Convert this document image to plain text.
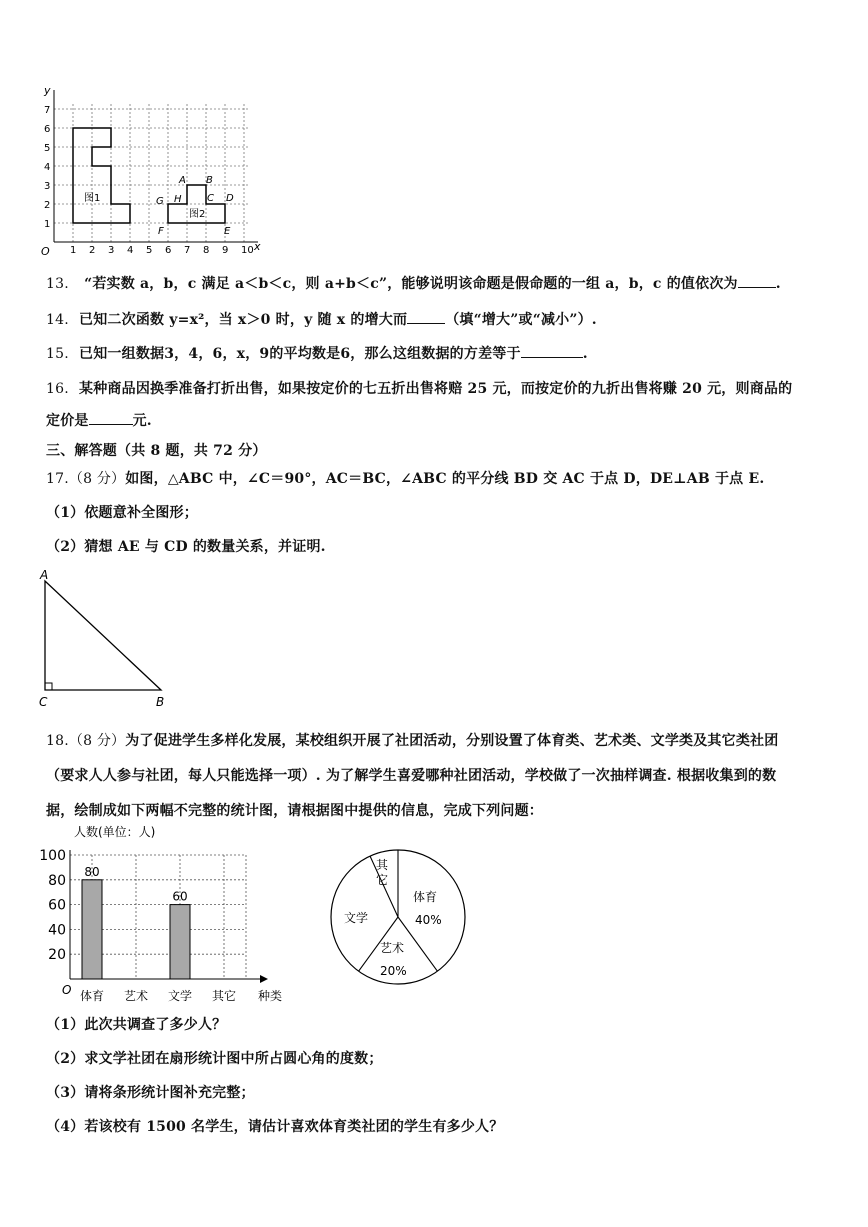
1 2 3 4 5 6 7 8 9 10
1
2
3
4
5
6
7
y
x
O
图1
图2
A B
C D
E
F
G H
13. “若实数 a，b，c 满足 a＜b＜c，则 a+b＜c”，能够说明该命题是假命题的一组 a，b，c 的值依次为	.
14. 已知二次函数 y=x²，当 x＞0 时，y 随 x 的增大而	（填“增大”或“减小”）.
15. 已知一组数据3，4，6，x，9的平均数是6，那么这组数据的方差等于	.
16. 某种商品因换季准备打折出售，如果按定价的七五折出售将赔 25 元，而按定价的九折出售将赚 20 元，则商品的
定价是	元.
三、解答题（共 8 题，共 72 分）
17.（8 分）如图，△ABC 中，∠C＝90°，AC＝BC，∠ABC 的平分线 BD 交 AC 于点 D，DE⊥AB 于点 E.
（1）依题意补全图形；
（2）猜想 AE 与 CD 的数量关系，并证明.
A
C	B
18.（8 分）为了促进学生多样化发展，某校组织开展了社团活动，分别设置了体育类、艺术类、文学类及其它类社团
（要求人人参与社团，每人只能选择一项）. 为了解学生喜爱哪种社团活动，学校做了一次抽样调查. 根据收集到的数
据，绘制成如下两幅不完整的统计图，请根据图中提供的信息，完成下列问题：
人数(单位：人)
种类
O
20
40
60
80
100
80
体育 艺术
60
文学 其它
体育
40%
艺术
20%
文学
其
它
（1）此次共调查了多少人？
（2）求文学社团在扇形统计图中所占圆心角的度数；
（3）请将条形统计图补充完整；
（4）若该校有 1500 名学生，请估计喜欢体育类社团的学生有多少人？
